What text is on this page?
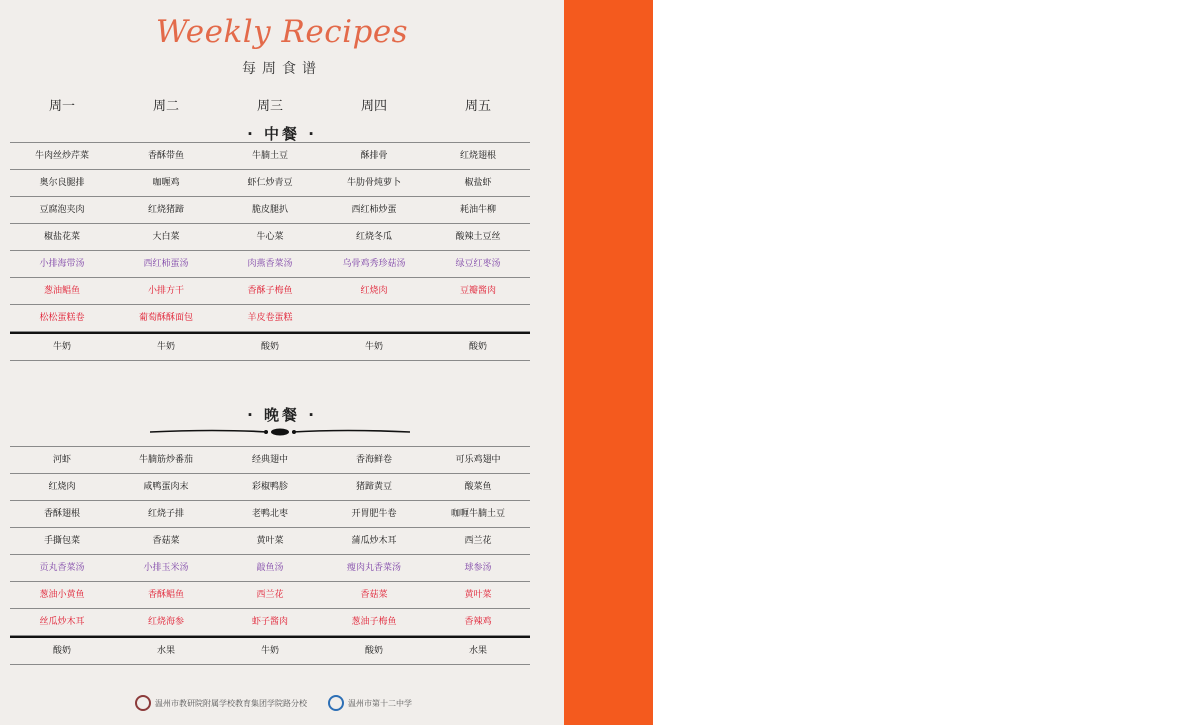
Weekly Recipes
每周食谱
周一	周二	周三	周四	周五
· 中餐 ·
牛肉丝炒芹菜	香酥带鱼	牛腩土豆	酥排骨	红烧翅根
奥尔良腿排	咖喱鸡	虾仁炒青豆	牛肋骨炖萝卜	椒盐虾
豆腐泡夹肉	红烧猪蹄	脆皮腿扒	西红柿炒蛋	耗油牛柳
椒盐花菜	大白菜	牛心菜	红烧冬瓜	酸辣土豆丝
小排海带汤	西红柿蛋汤	肉燕香菜汤	乌骨鸡秀珍菇汤	绿豆红枣汤
葱油鲳鱼	小排方干	香酥子梅鱼	红烧肉	豆瓣酱肉
松松蛋糕卷	葡萄酥酥面包	羊皮卷蛋糕
牛奶	牛奶	酸奶	牛奶	酸奶
· 晚餐 ·
河虾	牛腩筋炒番茄	经典翅中	香海鲜卷	可乐鸡翅中
红烧肉	咸鸭蛋肉末	彩椒鸭胗	猪蹄黄豆	酸菜鱼
香酥翅根	红烧子排	老鸭北枣	开胃肥牛卷	咖喱牛腩土豆
手撕包菜	香菇菜	黄叶菜	蒲瓜炒木耳	西兰花
贡丸香菜汤	小排玉米汤	敲鱼汤	瘦肉丸香菜汤	球参汤
葱油小黄鱼	香酥鲳鱼	西兰花	香菇菜	黄叶菜
丝瓜炒木耳	红烧海参	虾子酱肉	葱油子梅鱼	香辣鸡
酸奶	水果	牛奶	酸奶	水果
温州市教研院附属学校教育集团学院路分校	温州市第十二中学
2025.5.12---2025.5.16
红色字体为加菜 MENU
